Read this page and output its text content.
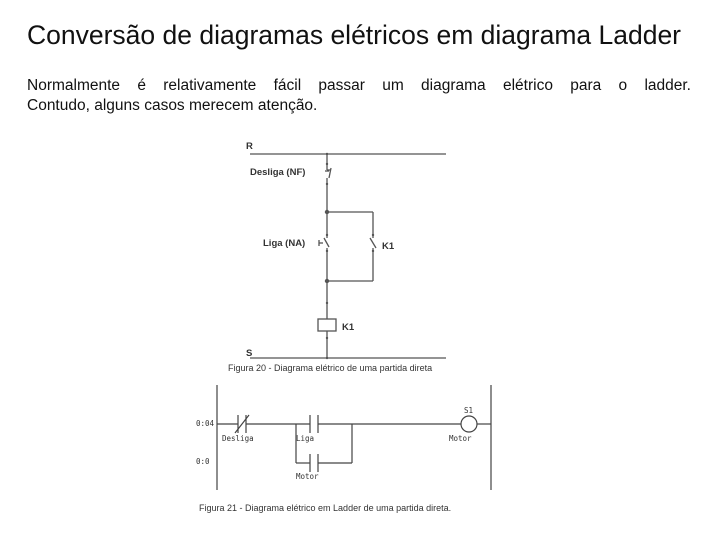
Conversão de diagramas elétricos em diagrama Ladder
Normalmente é relativamente fácil passar um diagrama elétrico para o ladder.
Contudo, alguns casos merecem atenção.
R
Desliga (NF)
Liga (NA)	K1
K1
S
Figura 20 - Diagrama elétrico de uma partida direta
0:04
0:0
Desliga	Liga
S1
Motor
Motor
Figura 21 - Diagrama elétrico em Ladder de uma partida direta.
